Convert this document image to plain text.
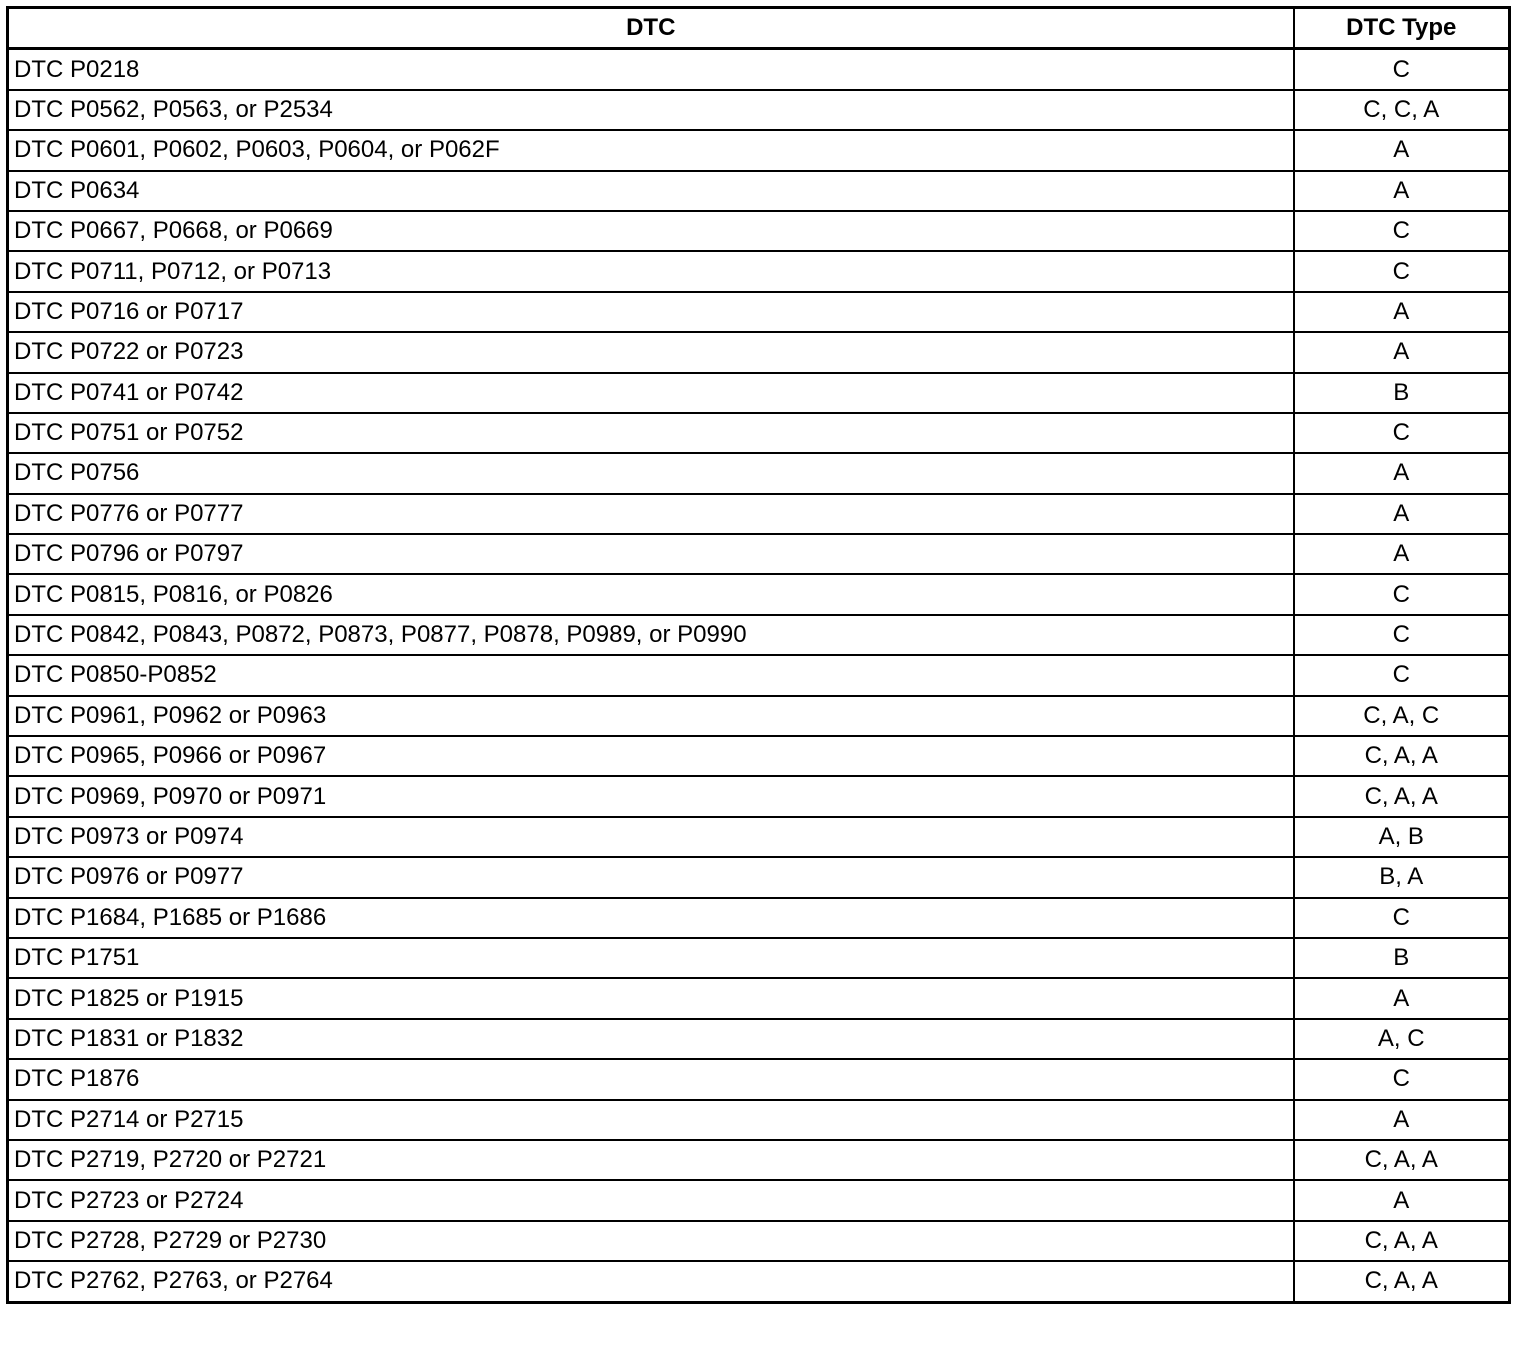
DTC	DTC Type
DTC P0218	C
DTC P0562, P0563, or P2534	C, C, A
DTC P0601, P0602, P0603, P0604, or P062F	A
DTC P0634	A
DTC P0667, P0668, or P0669	C
DTC P0711, P0712, or P0713	C
DTC P0716 or P0717	A
DTC P0722 or P0723	A
DTC P0741 or P0742	B
DTC P0751 or P0752	C
DTC P0756	A
DTC P0776 or P0777	A
DTC P0796 or P0797	A
DTC P0815, P0816, or P0826	C
DTC P0842, P0843, P0872, P0873, P0877, P0878, P0989, or P0990	C
DTC P0850-P0852	C
DTC P0961, P0962 or P0963	C, A, C
DTC P0965, P0966 or P0967	C, A, A
DTC P0969, P0970 or P0971	C, A, A
DTC P0973 or P0974	A, B
DTC P0976 or P0977	B, A
DTC P1684, P1685 or P1686	C
DTC P1751	B
DTC P1825 or P1915	A
DTC P1831 or P1832	A, C
DTC P1876	C
DTC P2714 or P2715	A
DTC P2719, P2720 or P2721	C, A, A
DTC P2723 or P2724	A
DTC P2728, P2729 or P2730	C, A, A
DTC P2762, P2763, or P2764	C, A, A
